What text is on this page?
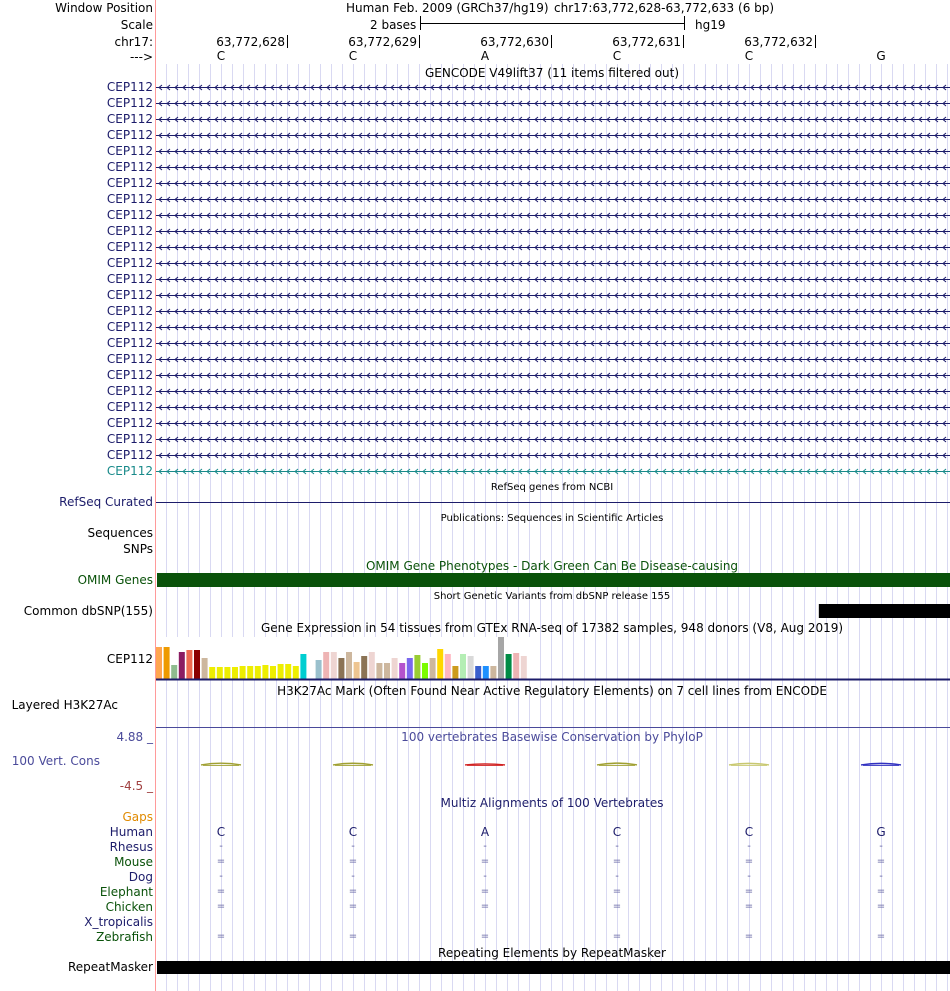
Window Position	Human Feb. 2009 (GRCh37/hg19) chr17:63,772,628-63,772,633 (6 bp)
Scale	2 bases	hg19
chr17:
--->
63,772,628	63,772,629	63,772,630	63,772,631	63,772,632
C	C	A	C	C	G
GENCODE V49lift37 (11 items filtered out)
CEP112
CEP112
CEP112
CEP112
CEP112
CEP112
CEP112
CEP112
CEP112
CEP112
CEP112
CEP112
CEP112
CEP112
CEP112
CEP112
CEP112
CEP112
CEP112
CEP112
CEP112
CEP112
CEP112
CEP112
CEP112
RefSeq genes from NCBI
RefSeq Curated
Publications: Sequences in Scientific Articles
Sequences
SNPs
OMIM Gene Phenotypes - Dark Green Can Be Disease-causing
OMIM Genes
Short Genetic Variants from dbSNP release 155
Common dbSNP(155)
Gene Expression in 54 tissues from GTEx RNA-seq of 17382 samples, 948 donors (V8, Aug 2019)
CEP112
H3K27Ac Mark (Often Found Near Active Regulatory Elements) on 7 cell lines from ENCODE
Layered H3K27Ac
100 vertebrates Basewise Conservation by PhyloP
4.88 _
100 Vert. Cons
-4.5 _
Multiz Alignments of 100 Vertebrates
Gaps
Human	C	C	A	C	C	G
Rhesus	-	-	-	-	-	-
Mouse	=	=	=	=	=	=
Dog	-	-	-	-	-	-
Elephant	=	=	=	=	=	=
Chicken	=	=	=	=	=	=
X_tropicalis
Zebrafish	=	=	=	=	=	=
Repeating Elements by RepeatMasker
RepeatMasker
